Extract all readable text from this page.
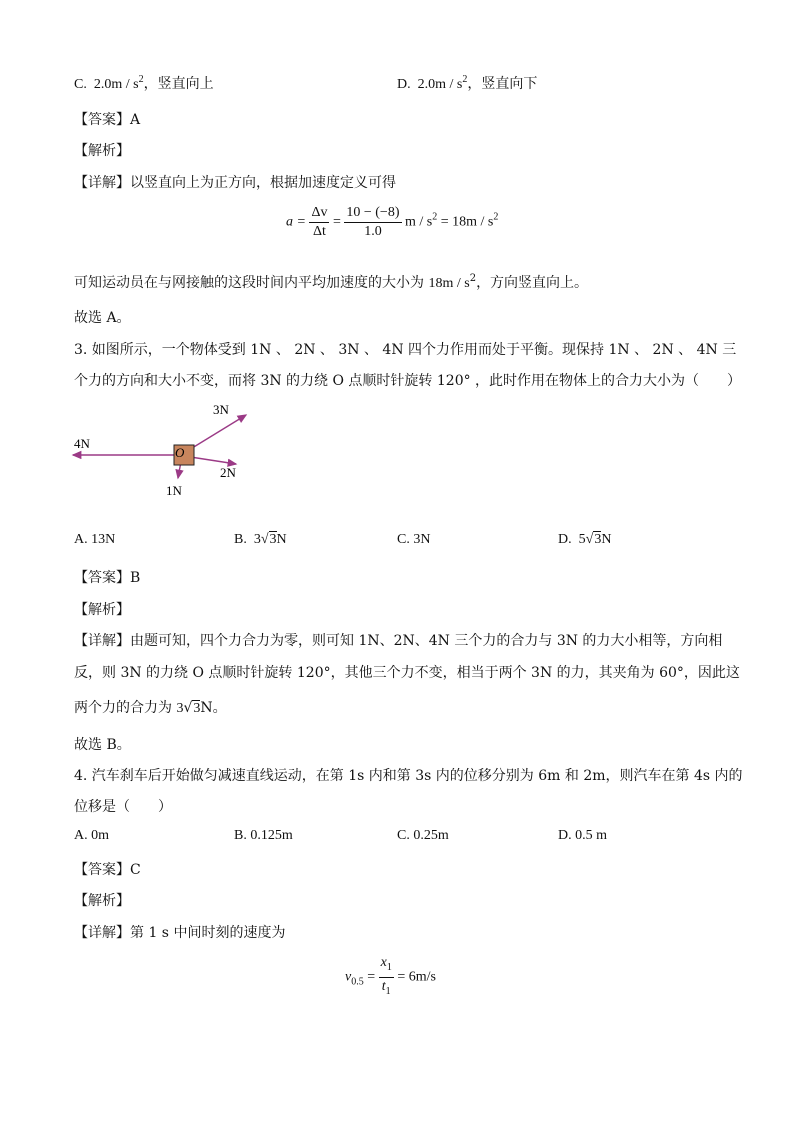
C. $2.0m / s^2$，竖直向上	D. $2.0m / s^2$，竖直向下
【答案】A
【解析】
【详解】以竖直向上为正方向，根据加速度定义可得
$a = \frac{\Delta v}{\Delta t} = \frac{10 - (-8)}{1.0}$ $m / s^2 = 18m / s^2$
可知运动员在与网接触的这段时间内平均加速度的大小为 $18m / s^2$，方向竖直向上。
故选 A。
3. 如图所示，一个物体受到 1N 、 2N 、 3N 、 4N 四个力作用而处于平衡。现保持 1N 、 2N 、 4N 三
个力的方向和大小不变，而将 3N 的力绕 O 点顺时针旋转 120° ，此时作用在物体上的合力大小为（　　）
O
3N
4N
2N
1N
A. 13N	B. 3√3N	C. 3N	D. 5√3N
【答案】B
【解析】
【详解】由题可知，四个力合力为零，则可知 1N、2N、4N 三个力的合力与 3N 的力大小相等，方向相
反，则 3N 的力绕 O 点顺时针旋转 120°，其他三个力不变，相当于两个 3N 的力，其夹角为 60°，因此这
两个力的合力为 3√3N。
故选 B。
4. 汽车刹车后开始做匀减速直线运动，在第 1s 内和第 3s 内的位移分别为 6m 和 2m，则汽车在第 4s 内的
位移是（　　）
A. 0m	B. 0.125m	C. 0.25m	D. 0.5 m
【答案】C
【解析】
【详解】第 1 s 中间时刻的速度为
$v_{0.5} = \frac{x_1}{t_1} = 6m/s$
